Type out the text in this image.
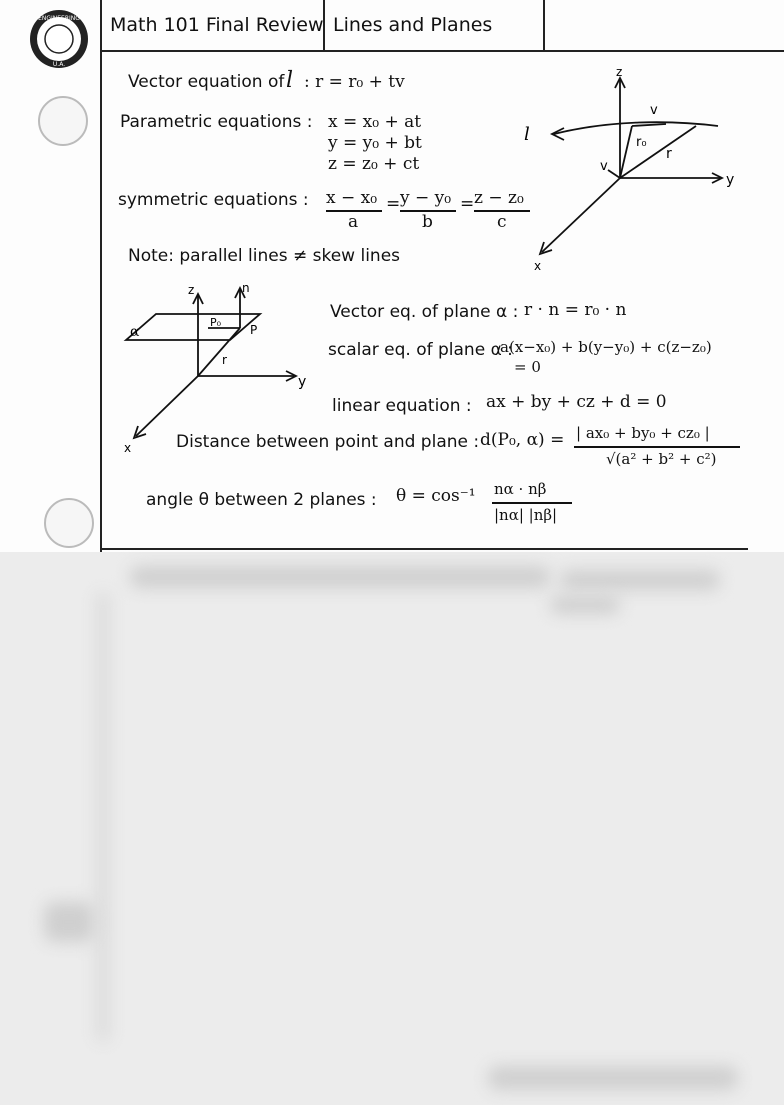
Math 101 Final Review Lines and Planes
ENGINEERING
U.A.
Vector equation of l : r = r₀ + tv
Parametric equations : x = x₀ + at
y = y₀ + bt
z = z₀ + ct
symmetric equations : x − x₀
a
= y − y₀
b
= z − z₀
c
Note: parallel lines ≠ skew lines
z
y
x
l
v
v
r₀
r
z
y
x
n
P
P₀
r
α
Vector eq. of plane α : r · n = r₀ · n
scalar eq. of plane α :
a(x−x₀) + b(y−y₀) + c(z−z₀)
= 0
linear equation : ax + by + cz + d = 0
Distance between point and plane : d(P₀, α) = | ax₀ + by₀ + cz₀ |
√(a² + b² + c²)
angle θ between 2 planes : θ = cos⁻¹ nα · nβ
|nα| |nβ|
